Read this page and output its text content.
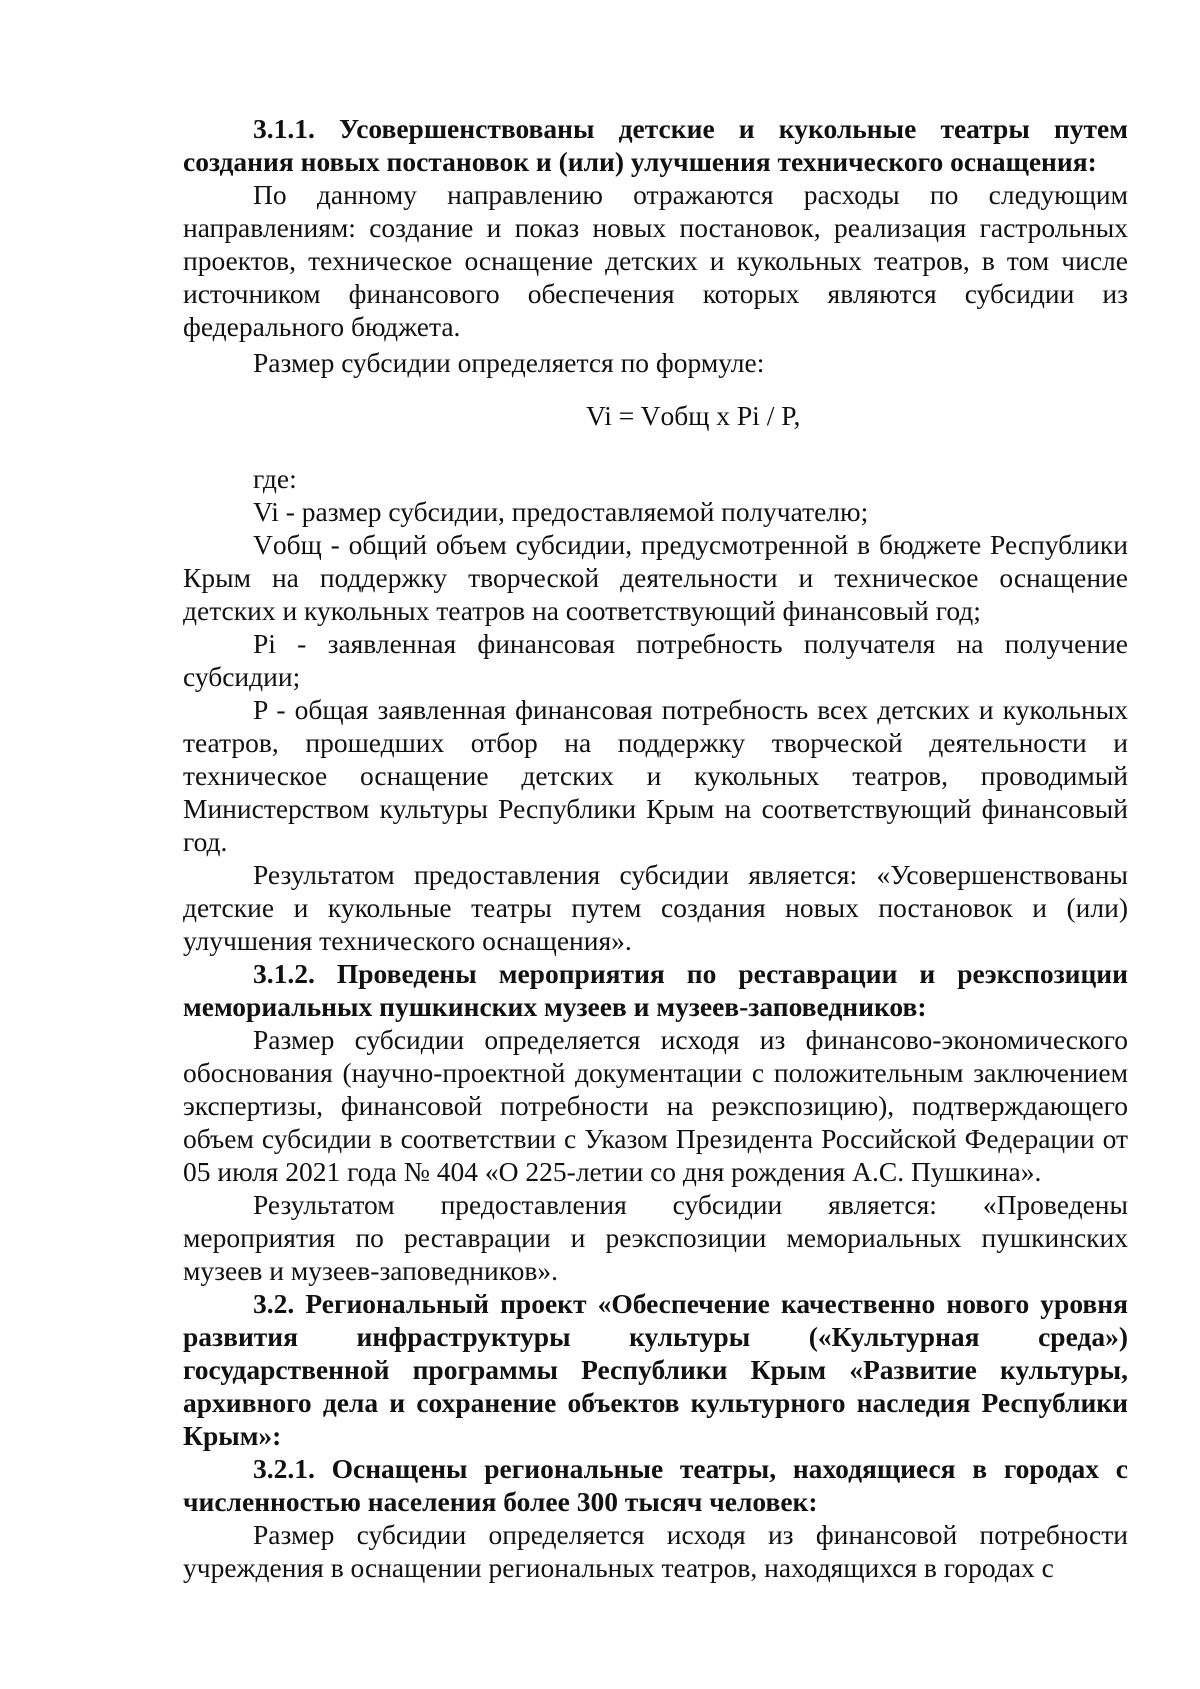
3.1.1. Усовершенствованы детские и кукольные театры путем создания новых постановок и (или) улучшения технического оснащения:

По данному направлению отражаются расходы по следующим направлениям: создание и показ новых постановок, реализация гастрольных проектов, техническое оснащение детских и кукольных театров, в том числе источником финансового обеспечения которых являются субсидии из федерального бюджета.

Размер субсидии определяется по формуле:

Vi = Vобщ x Pi / P,

где:

Vi - размер субсидии, предоставляемой получателю;

Vобщ - общий объем субсидии, предусмотренной в бюджете Республики Крым на поддержку творческой деятельности и техническое оснащение детских и кукольных театров на соответствующий финансовый год;

Pi - заявленная финансовая потребность получателя на получение субсидии;

P - общая заявленная финансовая потребность всех детских и кукольных театров, прошедших отбор на поддержку творческой деятельности и техническое оснащение детских и кукольных театров, проводимый Министерством культуры Республики Крым на соответствующий финансовый год.

Результатом предоставления субсидии является: «Усовершенствованы детские и кукольные театры путем создания новых постановок и (или) улучшения технического оснащения».

3.1.2. Проведены мероприятия по реставрации и реэкспозиции мемориальных пушкинских музеев и музеев-заповедников:

Размер субсидии определяется исходя из финансово-экономического обоснования (научно-проектной документации с положительным заключением экспертизы, финансовой потребности на реэкспозицию), подтверждающего объем субсидии в соответствии с Указом Президента Российской Федерации от 05 июля 2021 года № 404 «О 225-летии со дня рождения А.С. Пушкина».

Результатом предоставления субсидии является: «Проведены мероприятия по реставрации и реэкспозиции мемориальных пушкинских музеев и музеев-заповедников».

3.2. Региональный проект «Обеспечение качественно нового уровня развития инфраструктуры культуры («Культурная среда») государственной программы Республики Крым «Развитие культуры, архивного дела и сохранение объектов культурного наследия Республики Крым»:

3.2.1. Оснащены региональные театры, находящиеся в городах с численностью населения более 300 тысяч человек:

Размер субсидии определяется исходя из финансовой потребности учреждения в оснащении региональных театров, находящихся в городах с
